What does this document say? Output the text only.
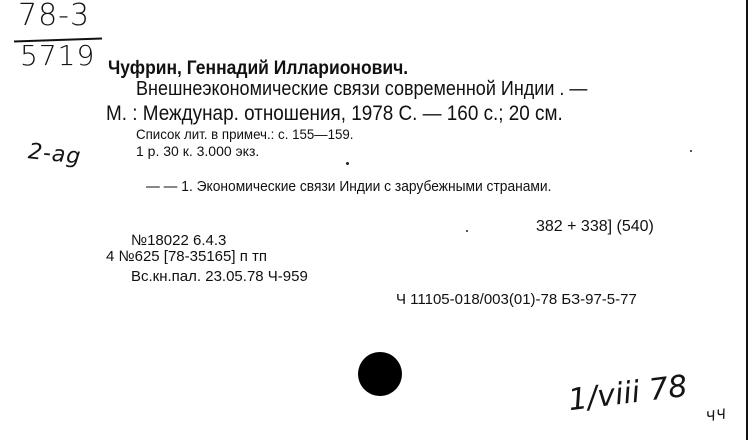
78-3
5719
2-ag
Чуфрин, Геннадий Илларионович.
Внешнеэкономические связи современной Индии . —
М. : Междунар. отношения, 1978 С. — 160 с.; 20 см.
Список лит. в примеч.: с. 155—159.
1 р. 30 к. 3.000 экз.
— — 1. Экономические связи Индии с зарубежными странами.
382 + 338] (540)
№18022 6.4.3
4 №625 [78-35165] п тп
Вс.кн.пал. 23.05.78 Ч-959
Ч 11105-018/003(01)-78 БЗ-97-5-77
1/viii 78 ЧЧ
